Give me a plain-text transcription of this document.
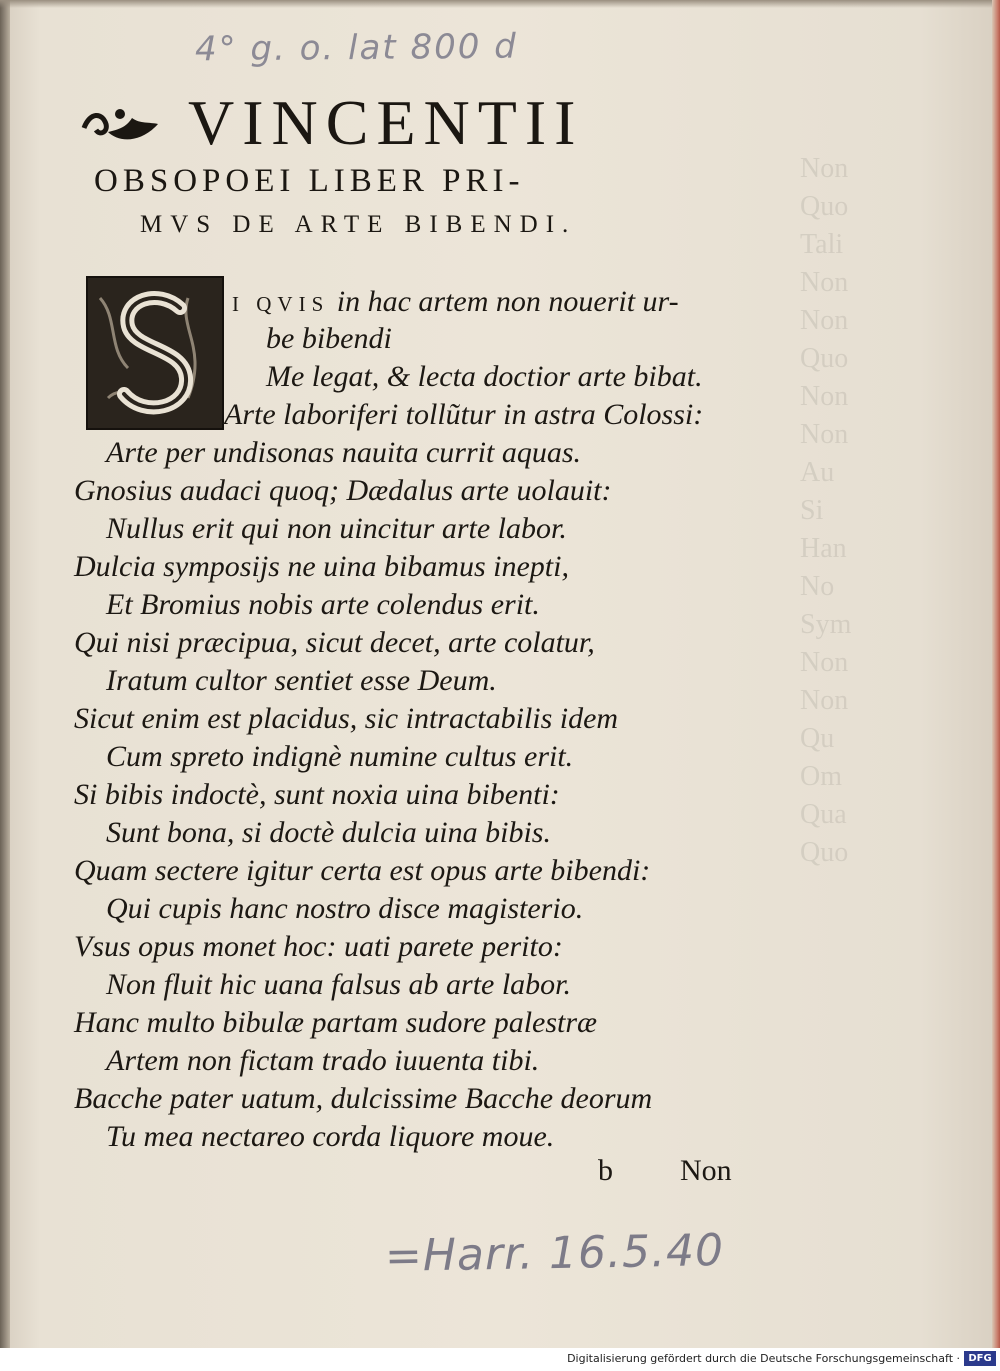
Non
Quo
Tali
Non
Non
Quo
Non
Non
Au
Si
Han
No
Sym
Non
Non
Qu
Om
Qua
Quo
4° g. o. lat 800 d
VINCENTII
OBSOPOEI LIBER PRI-
MVS DE ARTE BIBENDI.
I QVIS in hac artem non nouerit ur-
be bibendi
Me legat, & lecta doctior arte bibat.
Arte laboriferi tollũtur in astra Colossi:
Arte per undisonas nauita currit aquas.
Gnosius audaci quoq; Dædalus arte uolauit:
Nullus erit qui non uincitur arte labor.
Dulcia symposijs ne uina bibamus inepti,
Et Bromius nobis arte colendus erit.
Qui nisi præcipua, sicut decet, arte colatur,
Iratum cultor sentiet esse Deum.
Sicut enim est placidus, sic intractabilis idem
Cum spreto indignè numine cultus erit.
Si bibis indoctè, sunt noxia uina bibenti:
Sunt bona, si doctè dulcia uina bibis.
Quam sectere igitur certa est opus arte bibendi:
Qui cupis hanc nostro disce magisterio.
Vsus opus monet hoc: uati parete perito:
Non fluit hic uana falsus ab arte labor.
Hanc multo bibulæ partam sudore palestræ
Artem non fictam trado iuuenta tibi.
Bacche pater uatum, dulcissime Bacche deorum
Tu mea nectareo corda liquore moue.
b Non
=Harr. 16.5.40
Digitalisierung gefördert durch die Deutsche Forschungsgemeinschaft · DFG
